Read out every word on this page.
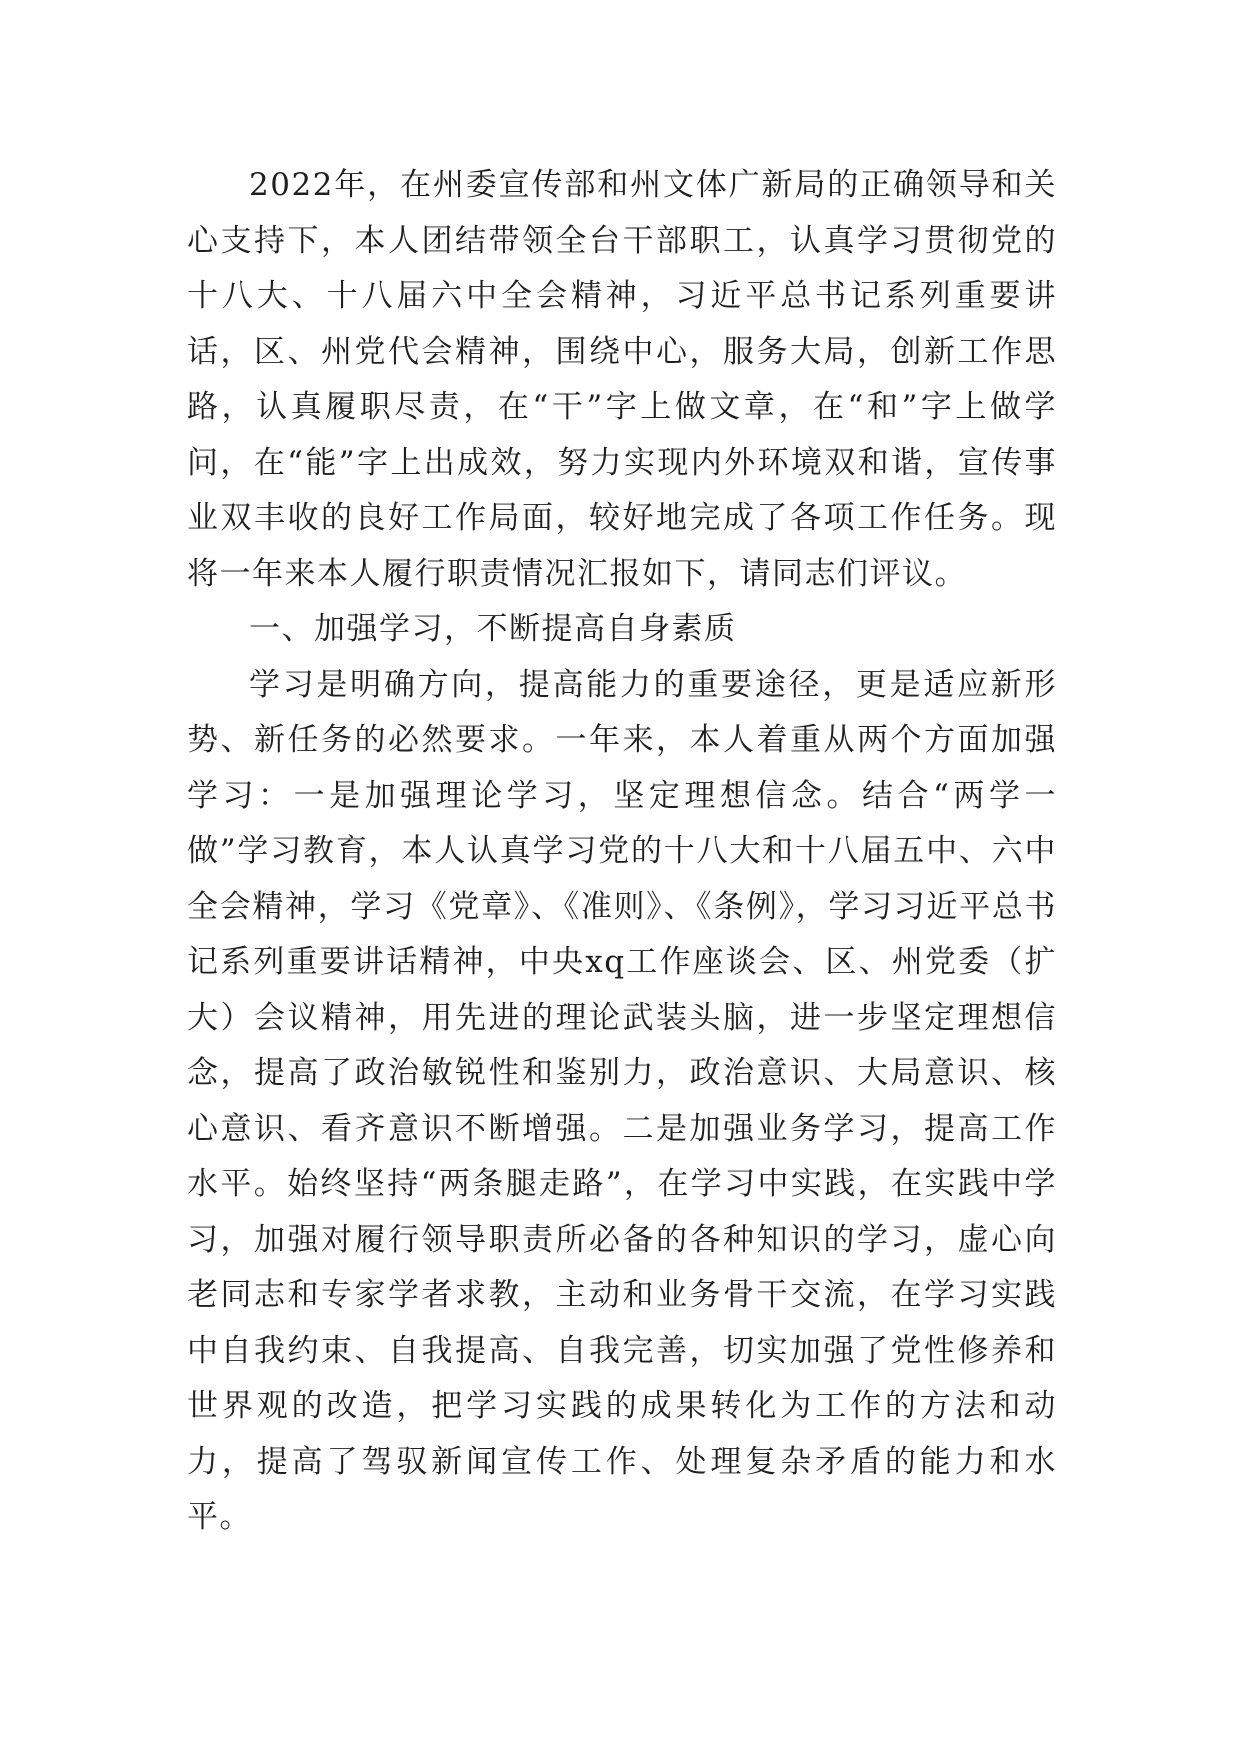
2022年，在州委宣传部和州文体广新局的正确领导和关心支持下，本人团结带领全台干部职工，认真学习贯彻党的十八大、十八届六中全会精神，习近平总书记系列重要讲话，区、州党代会精神，围绕中心，服务大局，创新工作思路，认真履职尽责，在“干”字上做文章，在“和”字上做学问，在“能”字上出成效，努力实现内外环境双和谐，宣传事业双丰收的良好工作局面，较好地完成了各项工作任务。现将一年来本人履行职责情况汇报如下，请同志们评议。

一、加强学习，不断提高自身素质

学习是明确方向，提高能力的重要途径，更是适应新形势、新任务的必然要求。一年来，本人着重从两个方面加强学习：一是加强理论学习，坚定理想信念。结合“两学一做”学习教育，本人认真学习党的十八大和十八届五中、六中全会精神，学习《党章》、《准则》、《条例》，学习习近平总书记系列重要讲话精神，中央xq工作座谈会、区、州党委（扩大）会议精神，用先进的理论武装头脑，进一步坚定理想信念，提高了政治敏锐性和鉴别力，政治意识、大局意识、核心意识、看齐意识不断增强。二是加强业务学习，提高工作水平。始终坚持“两条腿走路”，在学习中实践，在实践中学习，加强对履行领导职责所必备的各种知识的学习，虚心向老同志和专家学者求教，主动和业务骨干交流，在学习实践中自我约束、自我提高、自我完善，切实加强了党性修养和世界观的改造，把学习实践的成果转化为工作的方法和动力，提高了驾驭新闻宣传工作、处理复杂矛盾的能力和水平。
